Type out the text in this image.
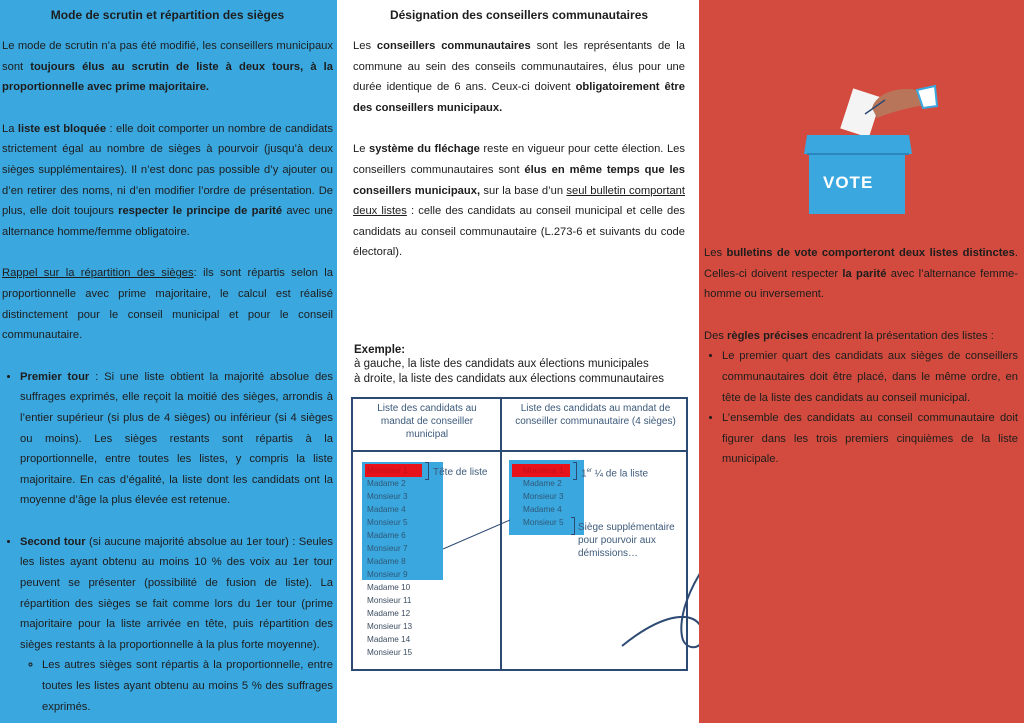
Mode de scrutin et répartition des sièges

Le mode de scrutin n’a pas été modifié, les conseillers municipaux sont toujours élus au scrutin de liste à deux tours, à la proportionnelle avec prime majoritaire.

La liste est bloquée : elle doit comporter un nombre de candidats strictement égal au nombre de sièges à pourvoir (jusqu’à deux sièges supplémentaires). Il n’est donc pas possible d’y ajouter ou d’en retirer des noms, ni d’en modifier l’ordre de présentation. De plus, elle doit toujours respecter le principe de parité avec une alternance homme/femme obligatoire.

Rappel sur la répartition des sièges: ils sont répartis selon la proportionnelle avec prime majoritaire, le calcul est réalisé distinctement pour le conseil municipal et pour le conseil communautaire.

• Premier tour : Si une liste obtient la majorité absolue des suffrages exprimés, elle reçoit la moitié des sièges, arrondis à l’entier supérieur (si plus de 4 sièges) ou inférieur (si 4 sièges ou moins). Les sièges restants sont répartis à la proportionnelle, entre toutes les listes, y compris la liste majoritaire. En cas d’égalité, la liste dont les candidats ont la moyenne d’âge la plus élevée est retenue.
• Second tour (si aucune majorité absolue au 1er tour) : Seules les listes ayant obtenu au moins 10 % des voix au 1er tour peuvent se présenter (possibilité de fusion de liste). La répartition des sièges se fait comme lors du 1er tour (prime majoritaire pour la liste arrivée en tête, puis répartition des sièges restants à la proportionnelle à la plus forte moyenne).
◦ Les autres sièges sont répartis à la proportionnelle, entre toutes les listes ayant obtenu au moins 5 % des suffrages exprimés.
Désignation des conseillers communautaires

Les conseillers communautaires sont les représentants de la commune au sein des conseils communautaires, élus pour une durée identique de 6 ans. Ceux-ci doivent obligatoirement être des conseillers municipaux.

Le système du fléchage reste en vigueur pour cette élection. Les conseillers communautaires sont élus en même temps que les conseillers municipaux, sur la base d’un seul bulletin comportant deux listes : celle des candidats au conseil municipal et celle des candidats au conseil communautaire (L.273-6 et suivants du code électoral).

Exemple:
à gauche, la liste des candidats aux élections municipales
à droite, la liste des candidats aux élections communautaires
Liste des candidats au mandat de conseiller municipal
Liste des candidats au mandat de conseiller communautaire (4 sièges)
Monsieur 1
Madame 2
Monsieur 3
Madame 4
Monsieur 5
Madame 6
Monsieur 7
Madame 8
Monsieur 9
Madame 10
Monsieur 11
Madame 12
Monsieur 13
Madame 14
Monsieur 15
Tête de liste	Monsieur 1
Madame 2
Monsieur 3
Madame 4
Monsieur 5
1er ¼ de la liste
Siège supplémentaire pour pourvoir aux démissions…
VOTE

Les bulletins de vote comporteront deux listes distinctes. Celles-ci doivent respecter la parité avec l’alternance femme-homme ou inversement.

Des règles précises encadrent la présentation des listes :

• Le premier quart des candidats aux sièges de conseillers communautaires doit être placé, dans le même ordre, en tête de la liste des candidats au conseil municipal.
• L’ensemble des candidats au conseil communautaire doit figurer dans les trois premiers cinquièmes de la liste municipale.
